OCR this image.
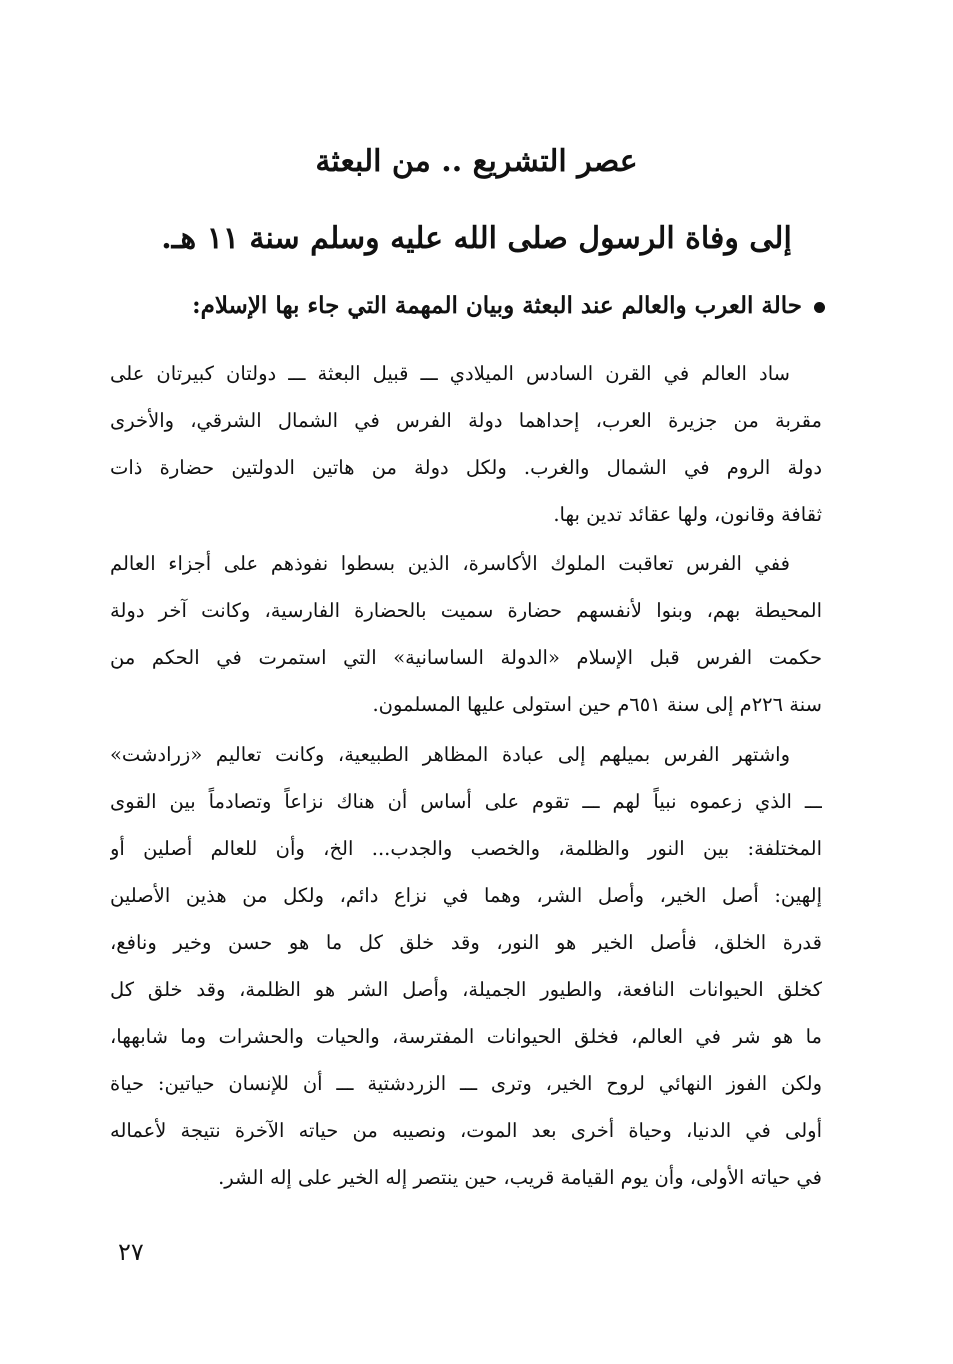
عصر التشريع .. من البعثة
إلى وفاة الرسول صلى الله عليه وسلم سنة ١١ هـ.
حالة العرب والعالم عند البعثة وبيان المهمة التي جاء بها الإسلام:
ساد العالم في القرن السادس الميلادي ـــ قبيل البعثة ـــ دولتان كبيرتان على
مقربة من جزيرة العرب، إحداهما دولة الفرس في الشمال الشرقي، والأخرى
دولة الروم في الشمال والغرب. ولكل دولة من هاتين الدولتين حضارة ذات
ثقافة وقانون، ولها عقائد تدين بها.
ففي الفرس تعاقبت الملوك الأكاسرة، الذين بسطوا نفوذهم على أجزاء العالم
المحيطة بهم، وبنوا لأنفسهم حضارة سميت بالحضارة الفارسية، وكانت آخر دولة
حكمت الفرس قبل الإسلام «الدولة الساسانية» التي استمرت في الحكم من
سنة ٢٢٦م إلى سنة ٦٥١م حين استولى عليها المسلمون.
واشتهر الفرس بميلهم إلى عبادة المظاهر الطبيعية، وكانت تعاليم «زرادشت»
ـــ الذي زعموه نبياً لهم ـــ تقوم على أساس أن هناك نزاعاً وتصادماً بين القوى
المختلفة: بين النور والظلمة، والخصب والجدب... الخ، وأن للعالم أصلين أو
إلهين: أصل الخير، وأصل الشر، وهما في نزاع دائم، ولكل من هذين الأصلين
قدرة الخلق، فأصل الخير هو النور، وقد خلق كل ما هو حسن وخير ونافع،
كخلق الحيوانات النافعة، والطيور الجميلة، وأصل الشر هو الظلمة، وقد خلق كل
ما هو شر في العالم، فخلق الحيوانات المفترسة، والحيات والحشرات وما شابهها،
ولكن الفوز النهائي لروح الخير، وترى ـــ الزردشتية ـــ أن للإنسان حياتين: حياة
أولى في الدنيا، وحياة أخرى بعد الموت، ونصيبه من حياته الآخرة نتيجة لأعماله
في حياته الأولى، وأن يوم القيامة قريب، حين ينتصر إله الخير على إله الشر.
٢٧
